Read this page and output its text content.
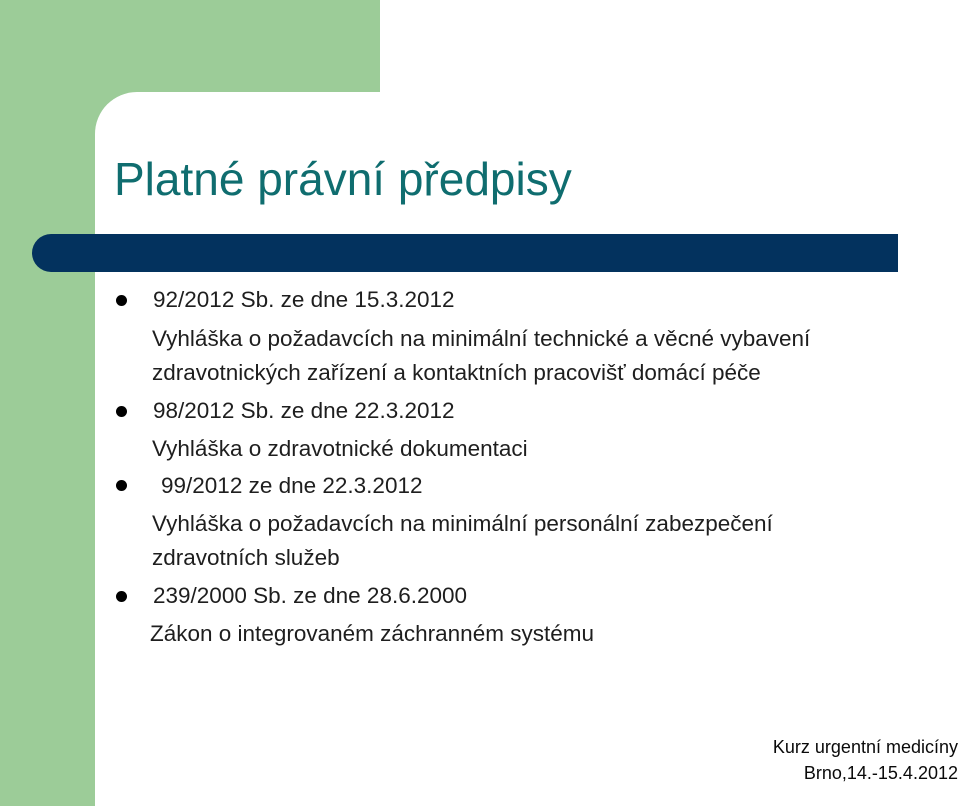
Platné právní předpisy
92/2012 Sb. ze dne 15.3.2012
Vyhláška o požadavcích na minimální technické a věcné vybavení
zdravotnických zařízení a kontaktních pracovišť domácí péče
98/2012 Sb. ze dne 22.3.2012
Vyhláška o zdravotnické dokumentaci
99/2012 ze dne 22.3.2012
Vyhláška o požadavcích na minimální personální zabezpečení
zdravotních služeb
239/2000 Sb. ze dne 28.6.2000
Zákon o integrovaném záchranném systému
Kurz urgentní medicíny
Brno,14.-15.4.2012
